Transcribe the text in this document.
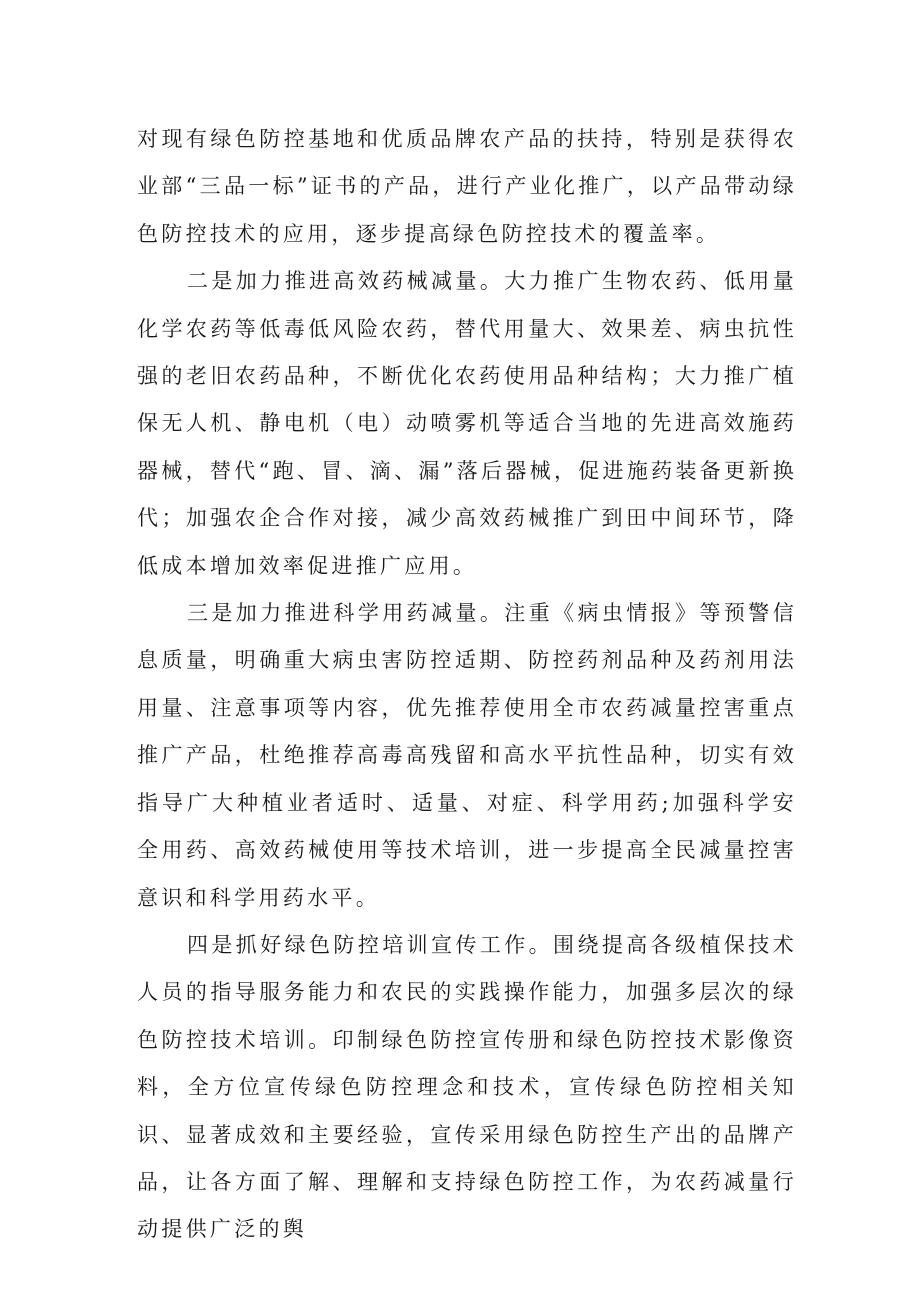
对现有绿色防控基地和优质品牌农产品的扶持，特别是获得农业部“三品一标”证书的产品，进行产业化推广，以产品带动绿色防控技术的应用，逐步提高绿色防控技术的覆盖率。

二是加力推进高效药械减量。大力推广生物农药、低用量化学农药等低毒低风险农药，替代用量大、效果差、病虫抗性强的老旧农药品种，不断优化农药使用品种结构；大力推广植保无人机、静电机（电）动喷雾机等适合当地的先进高效施药器械，替代“跑、冒、滴、漏”落后器械，促进施药装备更新换代；加强农企合作对接，减少高效药械推广到田中间环节，降低成本增加效率促进推广应用。

三是加力推进科学用药减量。注重《病虫情报》等预警信息质量，明确重大病虫害防控适期、防控药剂品种及药剂用法用量、注意事项等内容，优先推荐使用全市农药减量控害重点推广产品，杜绝推荐高毒高残留和高水平抗性品种，切实有效指导广大种植业者适时、适量、对症、科学用药;加强科学安全用药、高效药械使用等技术培训，进一步提高全民减量控害意识和科学用药水平。

四是抓好绿色防控培训宣传工作。围绕提高各级植保技术人员的指导服务能力和农民的实践操作能力，加强多层次的绿色防控技术培训。印制绿色防控宣传册和绿色防控技术影像资料，全方位宣传绿色防控理念和技术，宣传绿色防控相关知识、显著成效和主要经验，宣传采用绿色防控生产出的品牌产品，让各方面了解、理解和支持绿色防控工作，为农药减量行动提供广泛的舆
